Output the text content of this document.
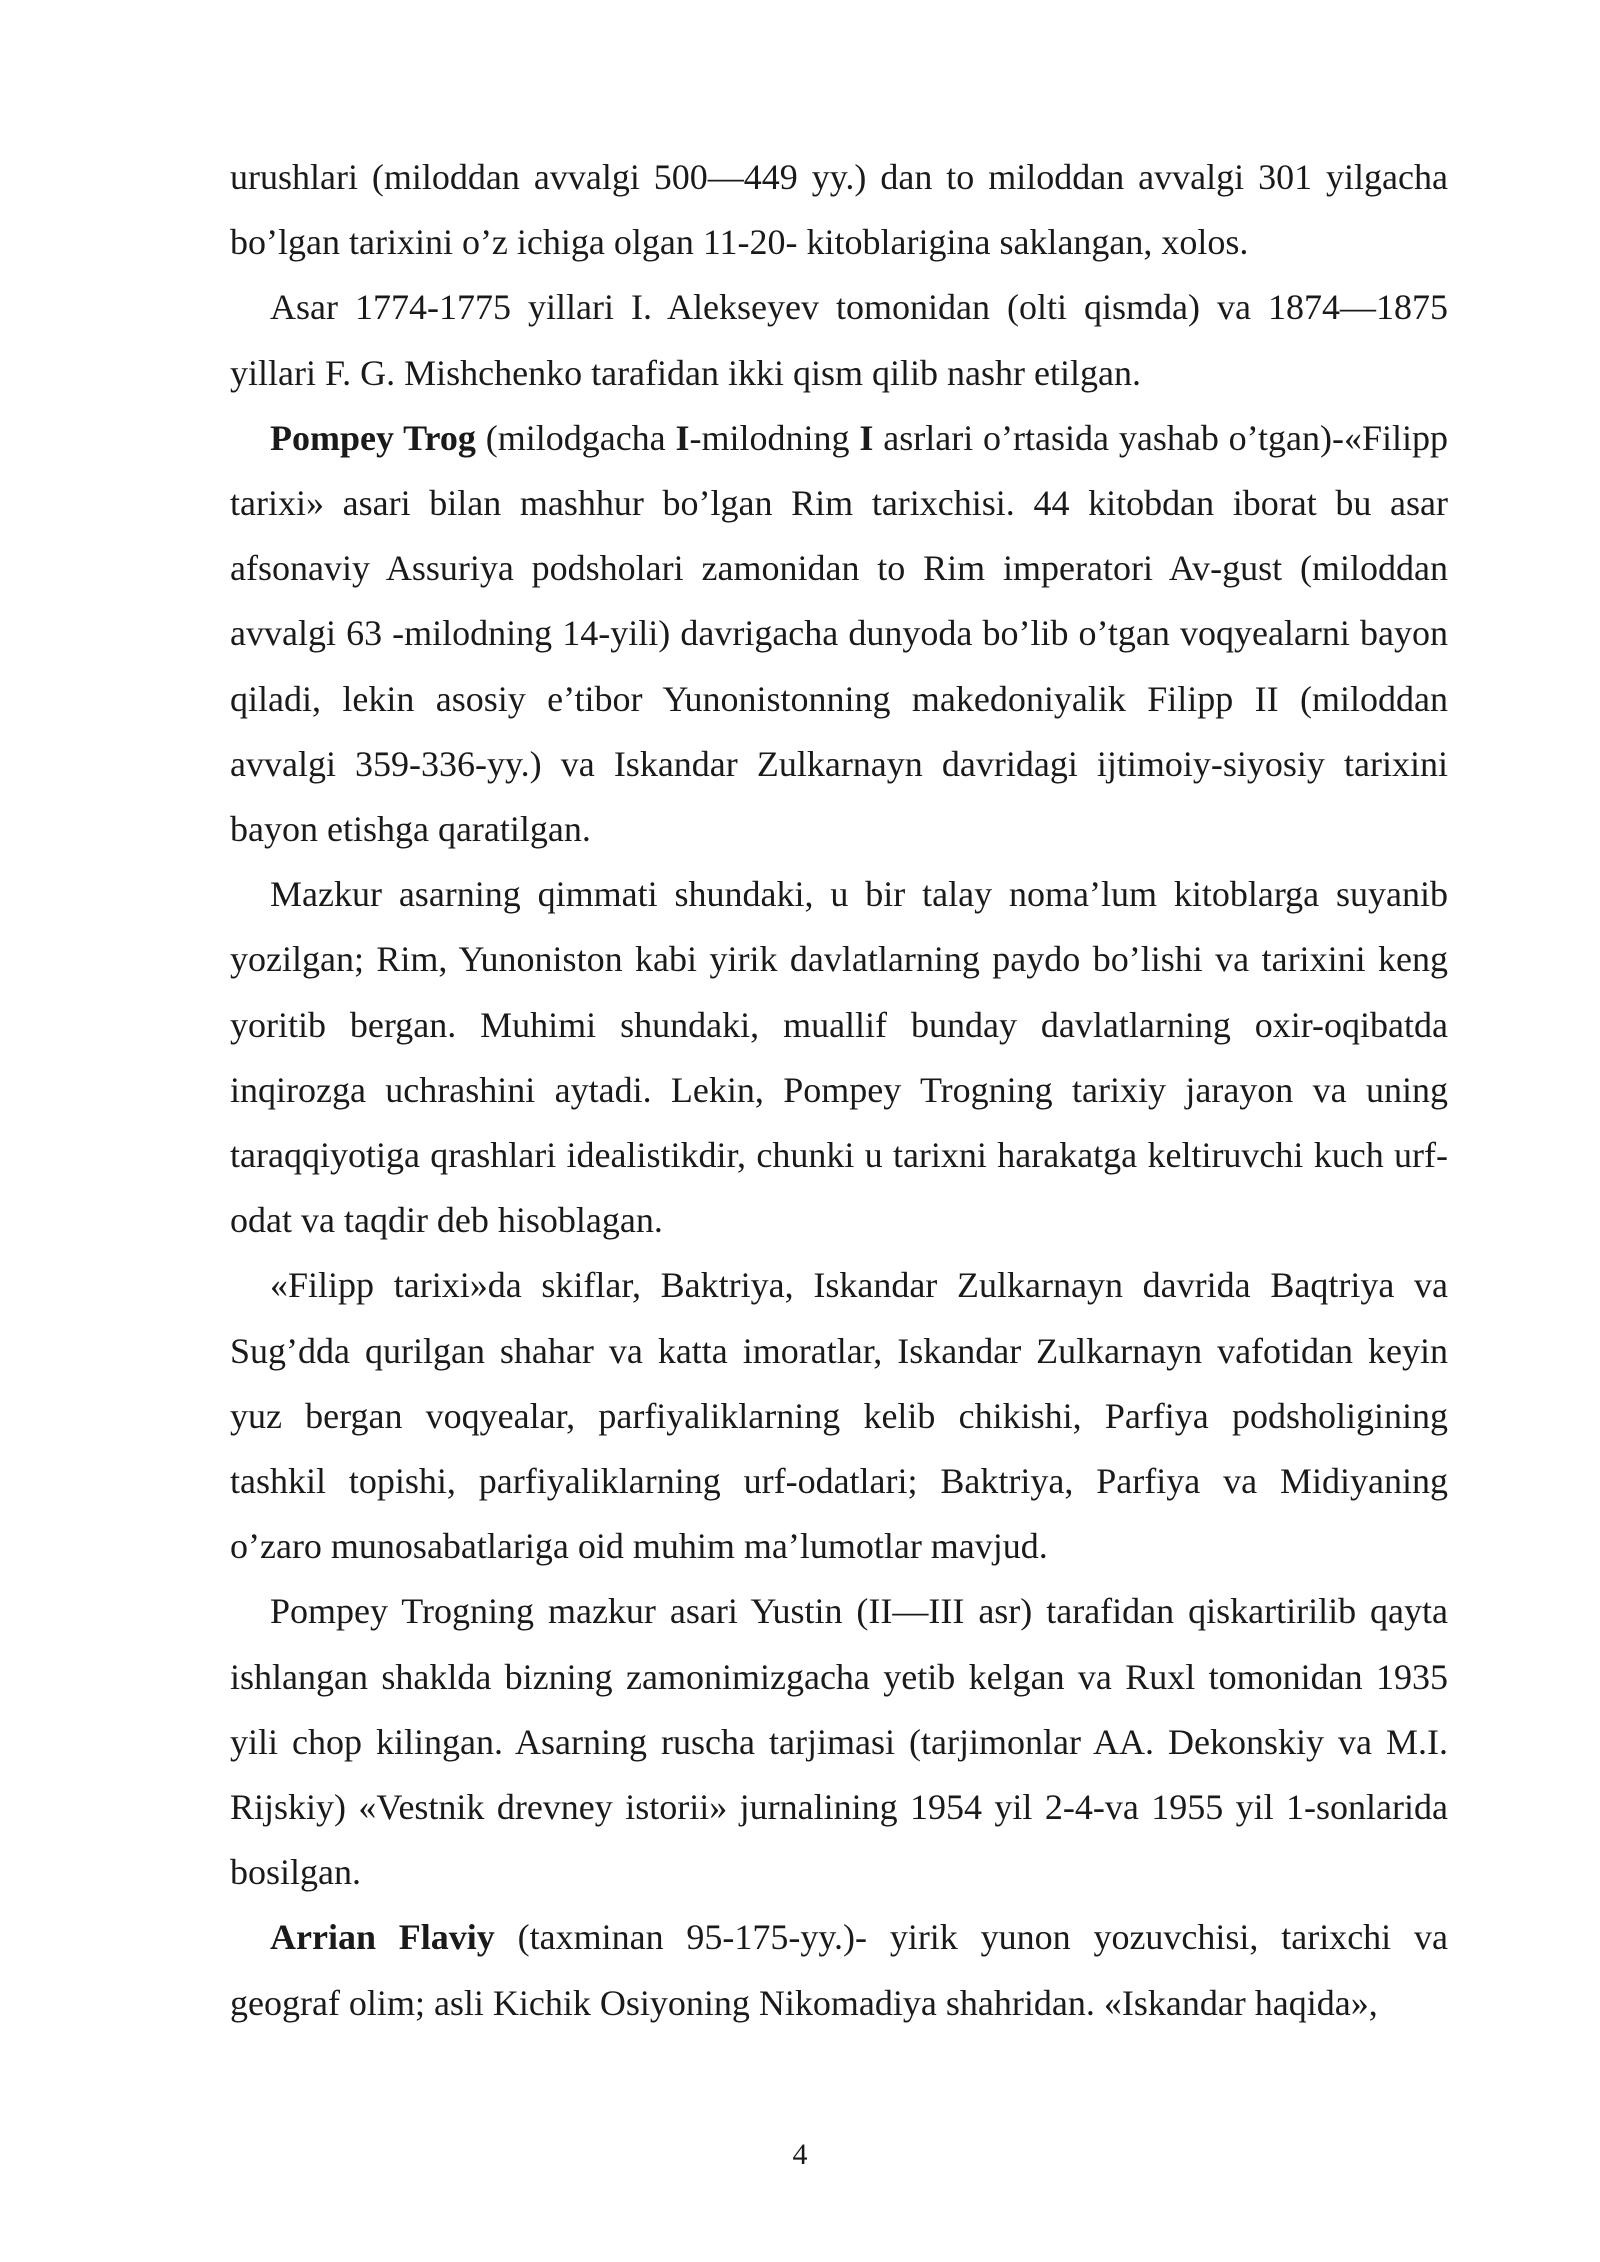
urushlari (miloddan avvalgi 500—449 yy.) dan to miloddan avvalgi 301 yilgacha bo’lgan tarixini o’z ichiga olgan 11-20- kitoblarigina saklangan, xolos.

Asar 1774-1775 yillari I. Alekseyev tomonidan (olti qismda) va 1874—1875 yillari F. G. Mishchenko tarafidan ikki qism qilib nashr etilgan.

Pompey Trog (milodgacha I-milodning I asrlari o’rtasida yashab o’tgan)-«Filipp tarixi» asari bilan mashhur bo’lgan Rim tarixchisi. 44 kitobdan iborat bu asar afsonaviy Assuriya podsholari zamonidan to Rim imperatori Av-gust (miloddan avvalgi 63 -milodning 14-yili) davrigacha dunyoda bo’lib o’tgan voqyealarni bayon qiladi, lekin asosiy e’tibor Yunonistonning makedoniyalik Filipp II (miloddan avvalgi 359-336-yy.) va Iskandar Zulkarnayn davridagi ijtimoiy-siyosiy tarixini bayon etishga qaratilgan.

Mazkur asarning qimmati shundaki, u bir talay noma’lum kitoblarga suyanib yozilgan; Rim, Yunoniston kabi yirik davlatlarning paydo bo’lishi va tarixini keng yoritib bergan. Muhimi shundaki, muallif bunday davlatlarning oxir-oqibatda inqirozga uchrashini aytadi. Lekin, Pompey Trogning tarixiy jarayon va uning taraqqiyotiga qrashlari idealistikdir, chunki u tarixni harakatga keltiruvchi kuch urf-odat va taqdir deb hisoblagan.

«Filipp tarixi»da skiflar, Baktriya, Iskandar Zulkarnayn davrida Baqtriya va Sug’dda qurilgan shahar va katta imoratlar, Iskandar Zulkarnayn vafotidan keyin yuz bergan voqyealar, parfiyaliklarning kelib chikishi, Parfiya podsholigining tashkil topishi, parfiyaliklarning urf-odatlari; Baktriya, Parfiya va Midiyaning o’zaro munosabatlariga oid muhim ma’lumotlar mavjud.

Pompey Trogning mazkur asari Yustin (II—III asr) tarafidan qiskartirilib qayta ishlangan shaklda bizning zamonimizgacha yetib kelgan va Ruxl tomonidan 1935 yili chop kilingan. Asarning ruscha tarjimasi (tarjimonlar AA. Dekonskiy va M.I. Rijskiy) «Vestnik drevney istorii» jurnalining 1954 yil 2-4-va 1955 yil 1-sonlarida bosilgan.

Arrian Flaviy (taxminan 95-175-yy.)- yirik yunon yozuvchisi, tarixchi va geograf olim; asli Kichik Osiyoning Nikomadiya shahridan. «Iskandar haqida»,

4
